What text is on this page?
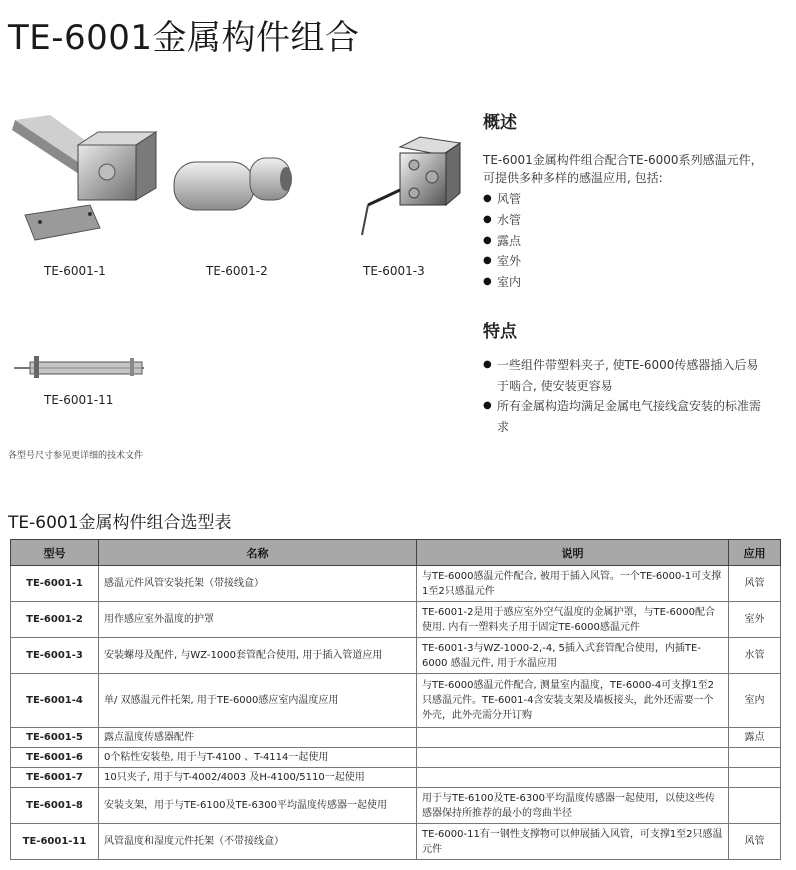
TE-6001金属构件组合
TE-6001-1	TE-6001-2	TE-6001-3
TE-6001-11
各型号尺寸参见更详细的技术文件
概述
TE-6001金属构件组合配合TE-6000系列感温元件，
可提供多种多样的感温应用, 包括:
● 风管
● 水管
● 露点
● 室外
● 室内
特点
● 一些组件带塑料夹子, 使TE-6000传感器插入后易
于啮合, 使安装更容易
● 所有金属构造均满足金属电气接线盒安装的标准需
求
TE-6001金属构件组合选型表
型号	名称	说明	应用
TE-6001-1	感温元件风管安装托架（带接线盒）	与TE-6000感温元件配合, 被用于插入风管。一个TE-6000-1可支撑1至2只感温元件	风管
TE-6001-2	用作感应室外温度的护罩	TE-6001-2是用于感应室外空气温度的金属护罩，与TE-6000配合使用. 内有一塑料夹子用于固定TE-6000感温元件	室外
TE-6001-3	安装螺母及配件, 与WZ-1000套管配合使用, 用于插入管道应用	TE-6001-3与WZ-1000-2,-4, 5插入式套管配合使用，内插TE-6000 感温元件, 用于水温应用	水管
TE-6001-4	单/ 双感温元件托架, 用于TE-6000感应室内温度应用	与TE-6000感温元件配合, 测量室内温度，TE-6000-4可支撑1至2只感温元件。TE-6001-4含安装支架及墙板接头，此外还需要一个外壳，此外壳需分开订购	室内
TE-6001-5	露点温度传感器配件		露点
TE-6001-6	0个粘性安装垫, 用于与T-4100 、T-4114一起使用		
TE-6001-7	10只夹子, 用于与T-4002/4003 及H-4100/5110一起使用		
TE-6001-8	安装支架，用于与TE-6100及TE-6300平均温度传感器一起使用	用于与TE-6100及TE-6300平均温度传感器一起使用，以使这些传感器保持所推荐的最小的弯曲半径	
TE-6001-11	风管温度和湿度元件托架（不带接线盒）	TE-6000-11有一钢性支撑物可以伸展插入风管，可支撑1至2只感温元件	风管
